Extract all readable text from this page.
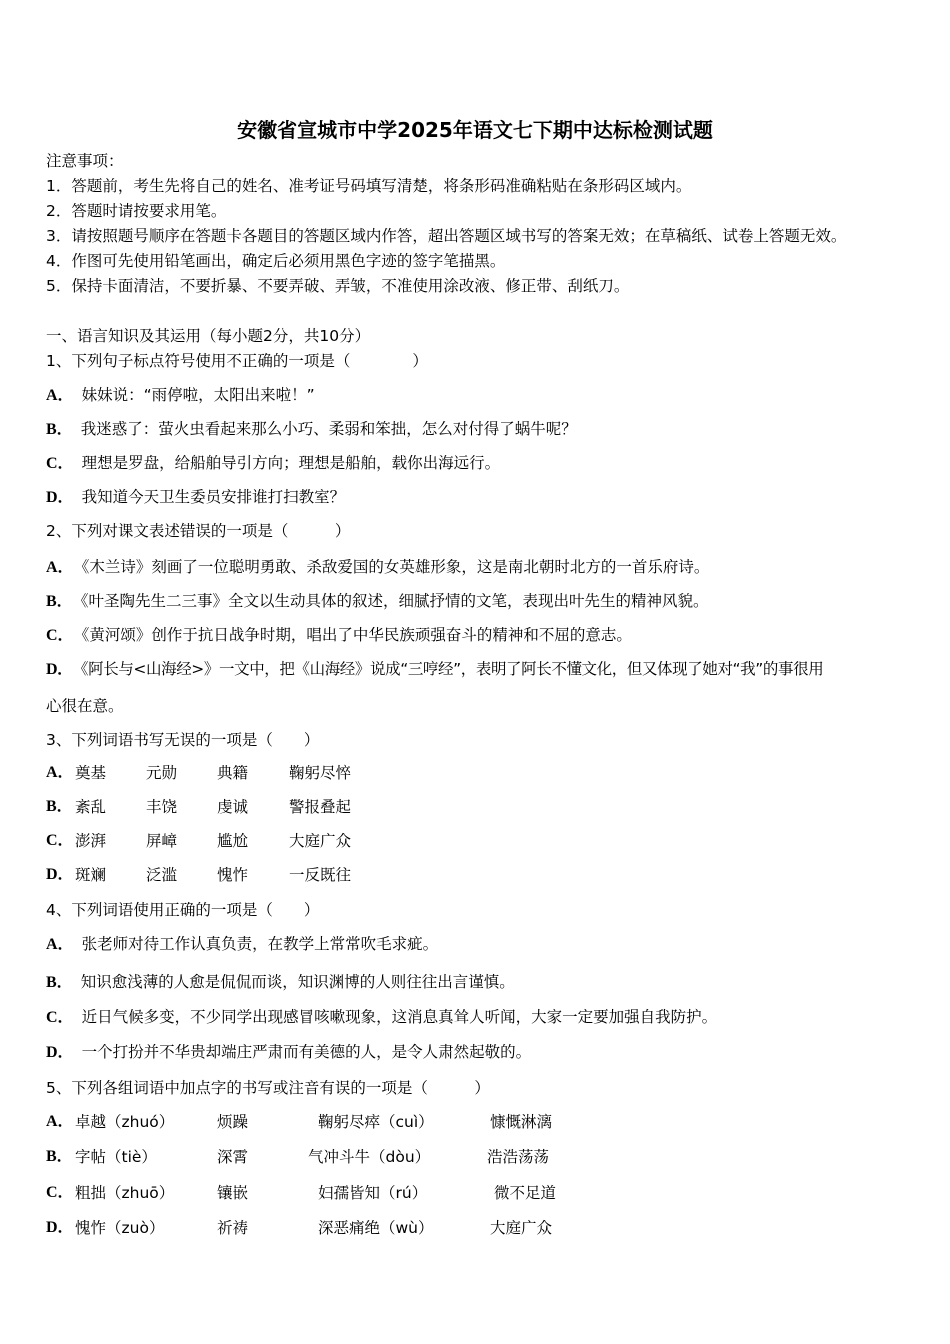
安徽省宣城市中学2025年语文七下期中达标检测试题
注意事项：
1．答题前，考生先将自己的姓名、准考证号码填写清楚，将条形码准确粘贴在条形码区域内。
2．答题时请按要求用笔。
3．请按照题号顺序在答题卡各题目的答题区域内作答，超出答题区域书写的答案无效；在草稿纸、试卷上答题无效。
4．作图可先使用铅笔画出，确定后必须用黑色字迹的签字笔描黑。
5．保持卡面清洁，不要折暴、不要弄破、弄皱，不准使用涂改液、修正带、刮纸刀。
一、语言知识及其运用（每小题2分，共10分）
1、下列句子标点符号使用不正确的一项是（　　　　）
A． 妹妹说：“雨停啦，太阳出来啦！”
B． 我迷惑了：萤火虫看起来那么小巧、柔弱和笨拙，怎么对付得了蜗牛呢？
C． 理想是罗盘，给船舶导引方向；理想是船舶，载你出海远行。
D． 我知道今天卫生委员安排谁打扫教室？
2、下列对课文表述错误的一项是（　　　）
A． 《木兰诗》刻画了一位聪明勇敢、杀敌爱国的女英雄形象，这是南北朝时北方的一首乐府诗。
B． 《叶圣陶先生二三事》全文以生动具体的叙述，细腻抒情的文笔，表现出叶先生的精神风貌。
C． 《黄河颂》创作于抗日战争时期，唱出了中华民族顽强奋斗的精神和不屈的意志。
D． 《阿长与<山海经>》一文中，把《山海经》说成“三哼经”，表明了阿长不懂文化，但又体现了她对“我”的事很用
心很在意。
3、下列词语书写无误的一项是（　　）
A． 奠基	元勋	典籍	鞠躬尽悴
B． 紊乱	丰饶	虔诚	警报叠起
C． 澎湃	屏嶂	尴尬	大庭广众
D． 斑斓	泛滥	愧怍	一反既往
4、下列词语使用正确的一项是（　　）
A． 张老师对待工作认真负责，在教学上常常吹毛求疵。
B． 知识愈浅薄的人愈是侃侃而谈，知识渊博的人则往往出言谨慎。
C． 近日气候多变，不少同学出现感冒咳嗽现象，这消息真耸人听闻，大家一定要加强自我防护。
D． 一个打扮并不华贵却端庄严肃而有美德的人，是令人肃然起敬的。
5、下列各组词语中加点字的书写或注音有误的一项是（　　　）
A． 卓越（zhuó）	烦躁	鞠躬尽瘁（cuì）	慷慨淋漓
B． 字帖（tiè）	深霄	气冲斗牛（dòu）	浩浩荡荡
C． 粗拙（zhuō）	镶嵌	妇孺皆知（rú）	微不足道
D． 愧怍（zuò）	祈祷	深恶痛绝（wù）	大庭广众
